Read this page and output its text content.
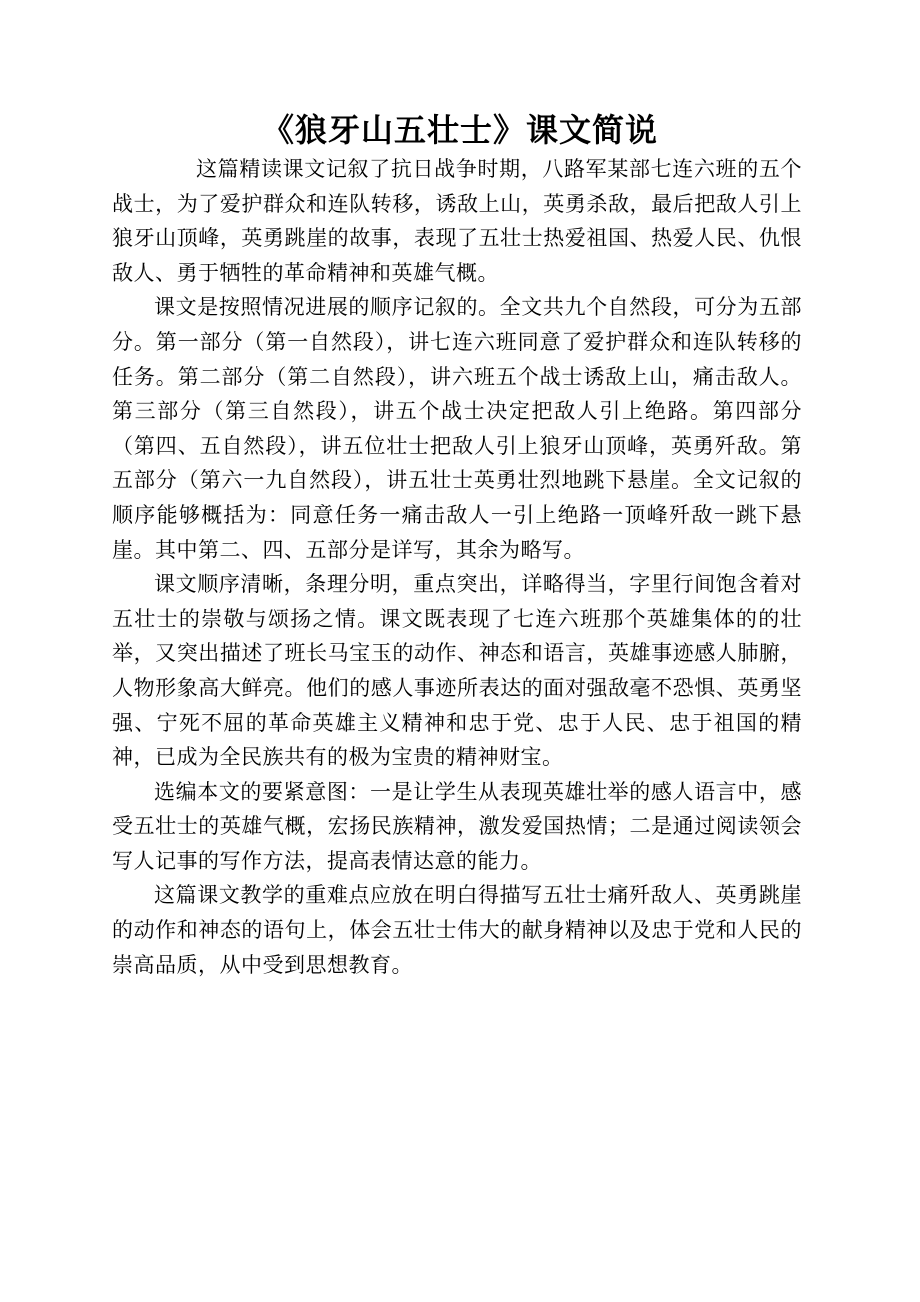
《狼牙山五壮士》课文简说

这篇精读课文记叙了抗日战争时期，八路军某部七连六班的五个战士，为了爱护群众和连队转移，诱敌上山，英勇杀敌，最后把敌人引上狼牙山顶峰，英勇跳崖的故事，表现了五壮士热爱祖国、热爱人民、仇恨敌人、勇于牺牲的革命精神和英雄气概。

课文是按照情况进展的顺序记叙的。全文共九个自然段，可分为五部分。第一部分（第一自然段），讲七连六班同意了爱护群众和连队转移的任务。第二部分（第二自然段），讲六班五个战士诱敌上山，痛击敌人。第三部分（第三自然段），讲五个战士决定把敌人引上绝路。第四部分（第四、五自然段），讲五位壮士把敌人引上狼牙山顶峰，英勇歼敌。第五部分（第六一九自然段），讲五壮士英勇壮烈地跳下悬崖。全文记叙的顺序能够概括为：同意任务一痛击敌人一引上绝路一顶峰歼敌一跳下悬崖。其中第二、四、五部分是详写，其余为略写。

课文顺序清晰，条理分明，重点突出，详略得当，字里行间饱含着对五壮士的崇敬与颂扬之情。课文既表现了七连六班那个英雄集体的的壮举，又突出描述了班长马宝玉的动作、神态和语言，英雄事迹感人肺腑，人物形象高大鲜亮。他们的感人事迹所表达的面对强敌毫不恐惧、英勇坚强、宁死不屈的革命英雄主义精神和忠于党、忠于人民、忠于祖国的精神，已成为全民族共有的极为宝贵的精神财宝。

选编本文的要紧意图：一是让学生从表现英雄壮举的感人语言中，感受五壮士的英雄气概，宏扬民族精神，激发爱国热情；二是通过阅读领会写人记事的写作方法，提高表情达意的能力。

这篇课文教学的重难点应放在明白得描写五壮士痛歼敌人、英勇跳崖的动作和神态的语句上，体会五壮士伟大的献身精神以及忠于党和人民的崇高品质，从中受到思想教育。
